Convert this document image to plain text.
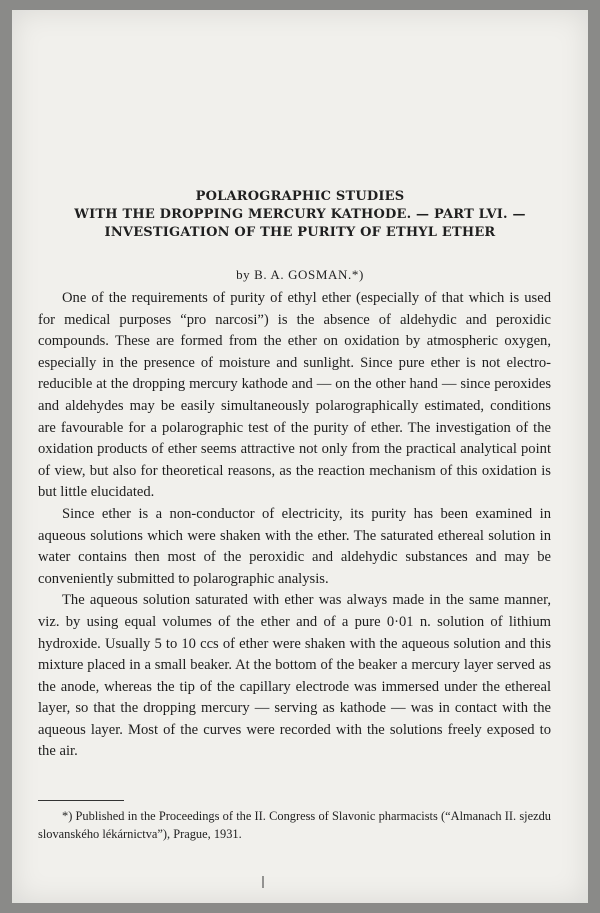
POLAROGRAPHIC STUDIES
WITH THE DROPPING MERCURY KATHODE. — PART LVI. —
INVESTIGATION OF THE PURITY OF ETHYL ETHER
by B. A. GOSMAN.*)

One of the requirements of purity of ethyl ether (especially of that which is used for medical purposes “pro narcosi”) is the absence of aldehydic and peroxidic compounds. These are formed from the ether on oxidation by atmospheric oxygen, especially in the presence of moisture and sunlight. Since pure ether is not electro-reducible at the dropping mercury kathode and — on the other hand — since peroxides and aldehydes may be easily simultaneously polarographically estimated, conditions are favourable for a polarographic test of the purity of ether. The investigation of the oxidation products of ether seems attractive not only from the practical analytical point of view, but also for theoretical reasons, as the reaction mechanism of this oxidation is but little elucidated.

Since ether is a non-conductor of electricity, its purity has been examined in aqueous solutions which were shaken with the ether. The saturated ethereal solution in water contains then most of the peroxidic and aldehydic substances and may be conveniently submitted to polarographic analysis.

The aqueous solution saturated with ether was always made in the same manner, viz. by using equal volumes of the ether and of a pure 0·01 n. solution of lithium hydroxide. Usually 5 to 10 ccs of ether were shaken with the aqueous solution and this mixture placed in a small beaker. At the bottom of the beaker a mercury layer served as the anode, whereas the tip of the capillary electrode was immersed under the ethereal layer, so that the dropping mercury — serving as kathode — was in contact with the aqueous layer. Most of the curves were recorded with the solutions freely exposed to the air.

*) Published in the Proceedings of the II. Congress of Slavonic pharmacists (“Almanach II. sjezdu slovanského lékárnictva”), Prague, 1931.
